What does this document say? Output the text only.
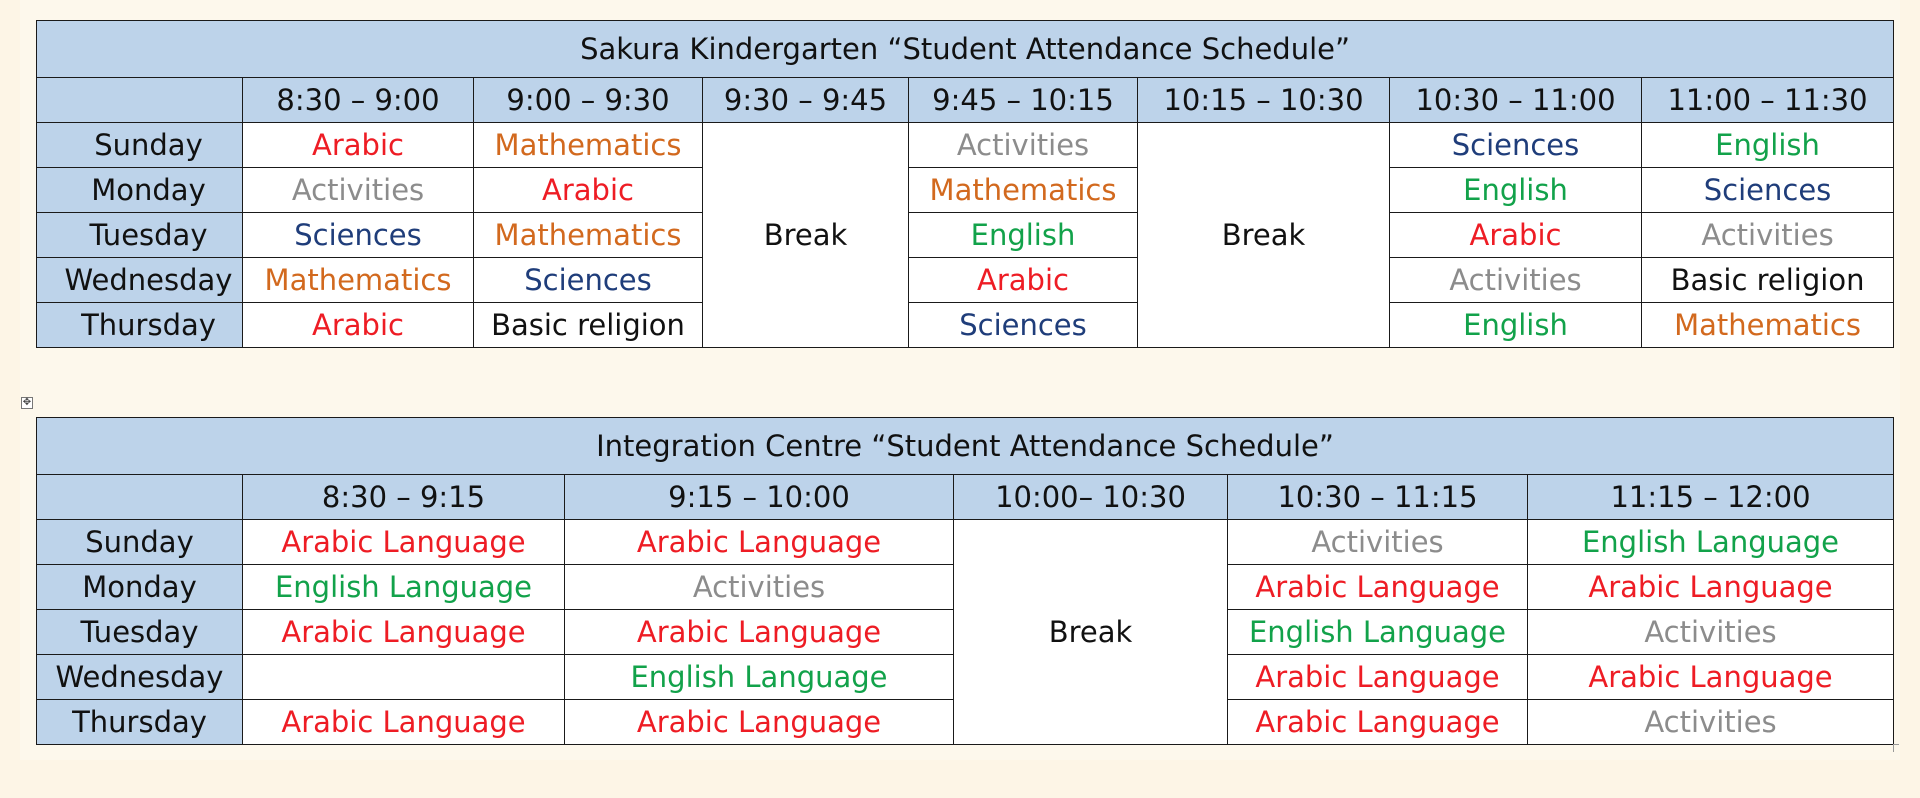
Sakura Kindergarten “Student Attendance Schedule”							
	8:30 – 9:00	9:00 – 9:30	9:30 – 9:45	9:45 – 10:15	10:15 – 10:30	10:30 – 11:00	11:00 – 11:30
Sunday	Arabic	Mathematics	Break	Activities	Break	Sciences	English
Monday	Activities	Arabic		Mathematics		English	Sciences
Tuesday	Sciences	Mathematics		English		Arabic	Activities
Wednesday	Mathematics	Sciences		Arabic		Activities	Basic religion
Thursday	Arabic	Basic religion		Sciences		English	Mathematics
✥
Integration Centre “Student Attendance Schedule”					
	8:30 – 9:15	9:15 – 10:00	10:00– 10:30	10:30 – 11:15	11:15 – 12:00
Sunday	Arabic Language	Arabic Language	Break	Activities	English Language
Monday	English Language	Activities		Arabic Language	Arabic Language
Tuesday	Arabic Language	Arabic Language		English Language	Activities
Wednesday		English Language		Arabic Language	Arabic Language
Thursday	Arabic Language	Arabic Language		Arabic Language	Activities
